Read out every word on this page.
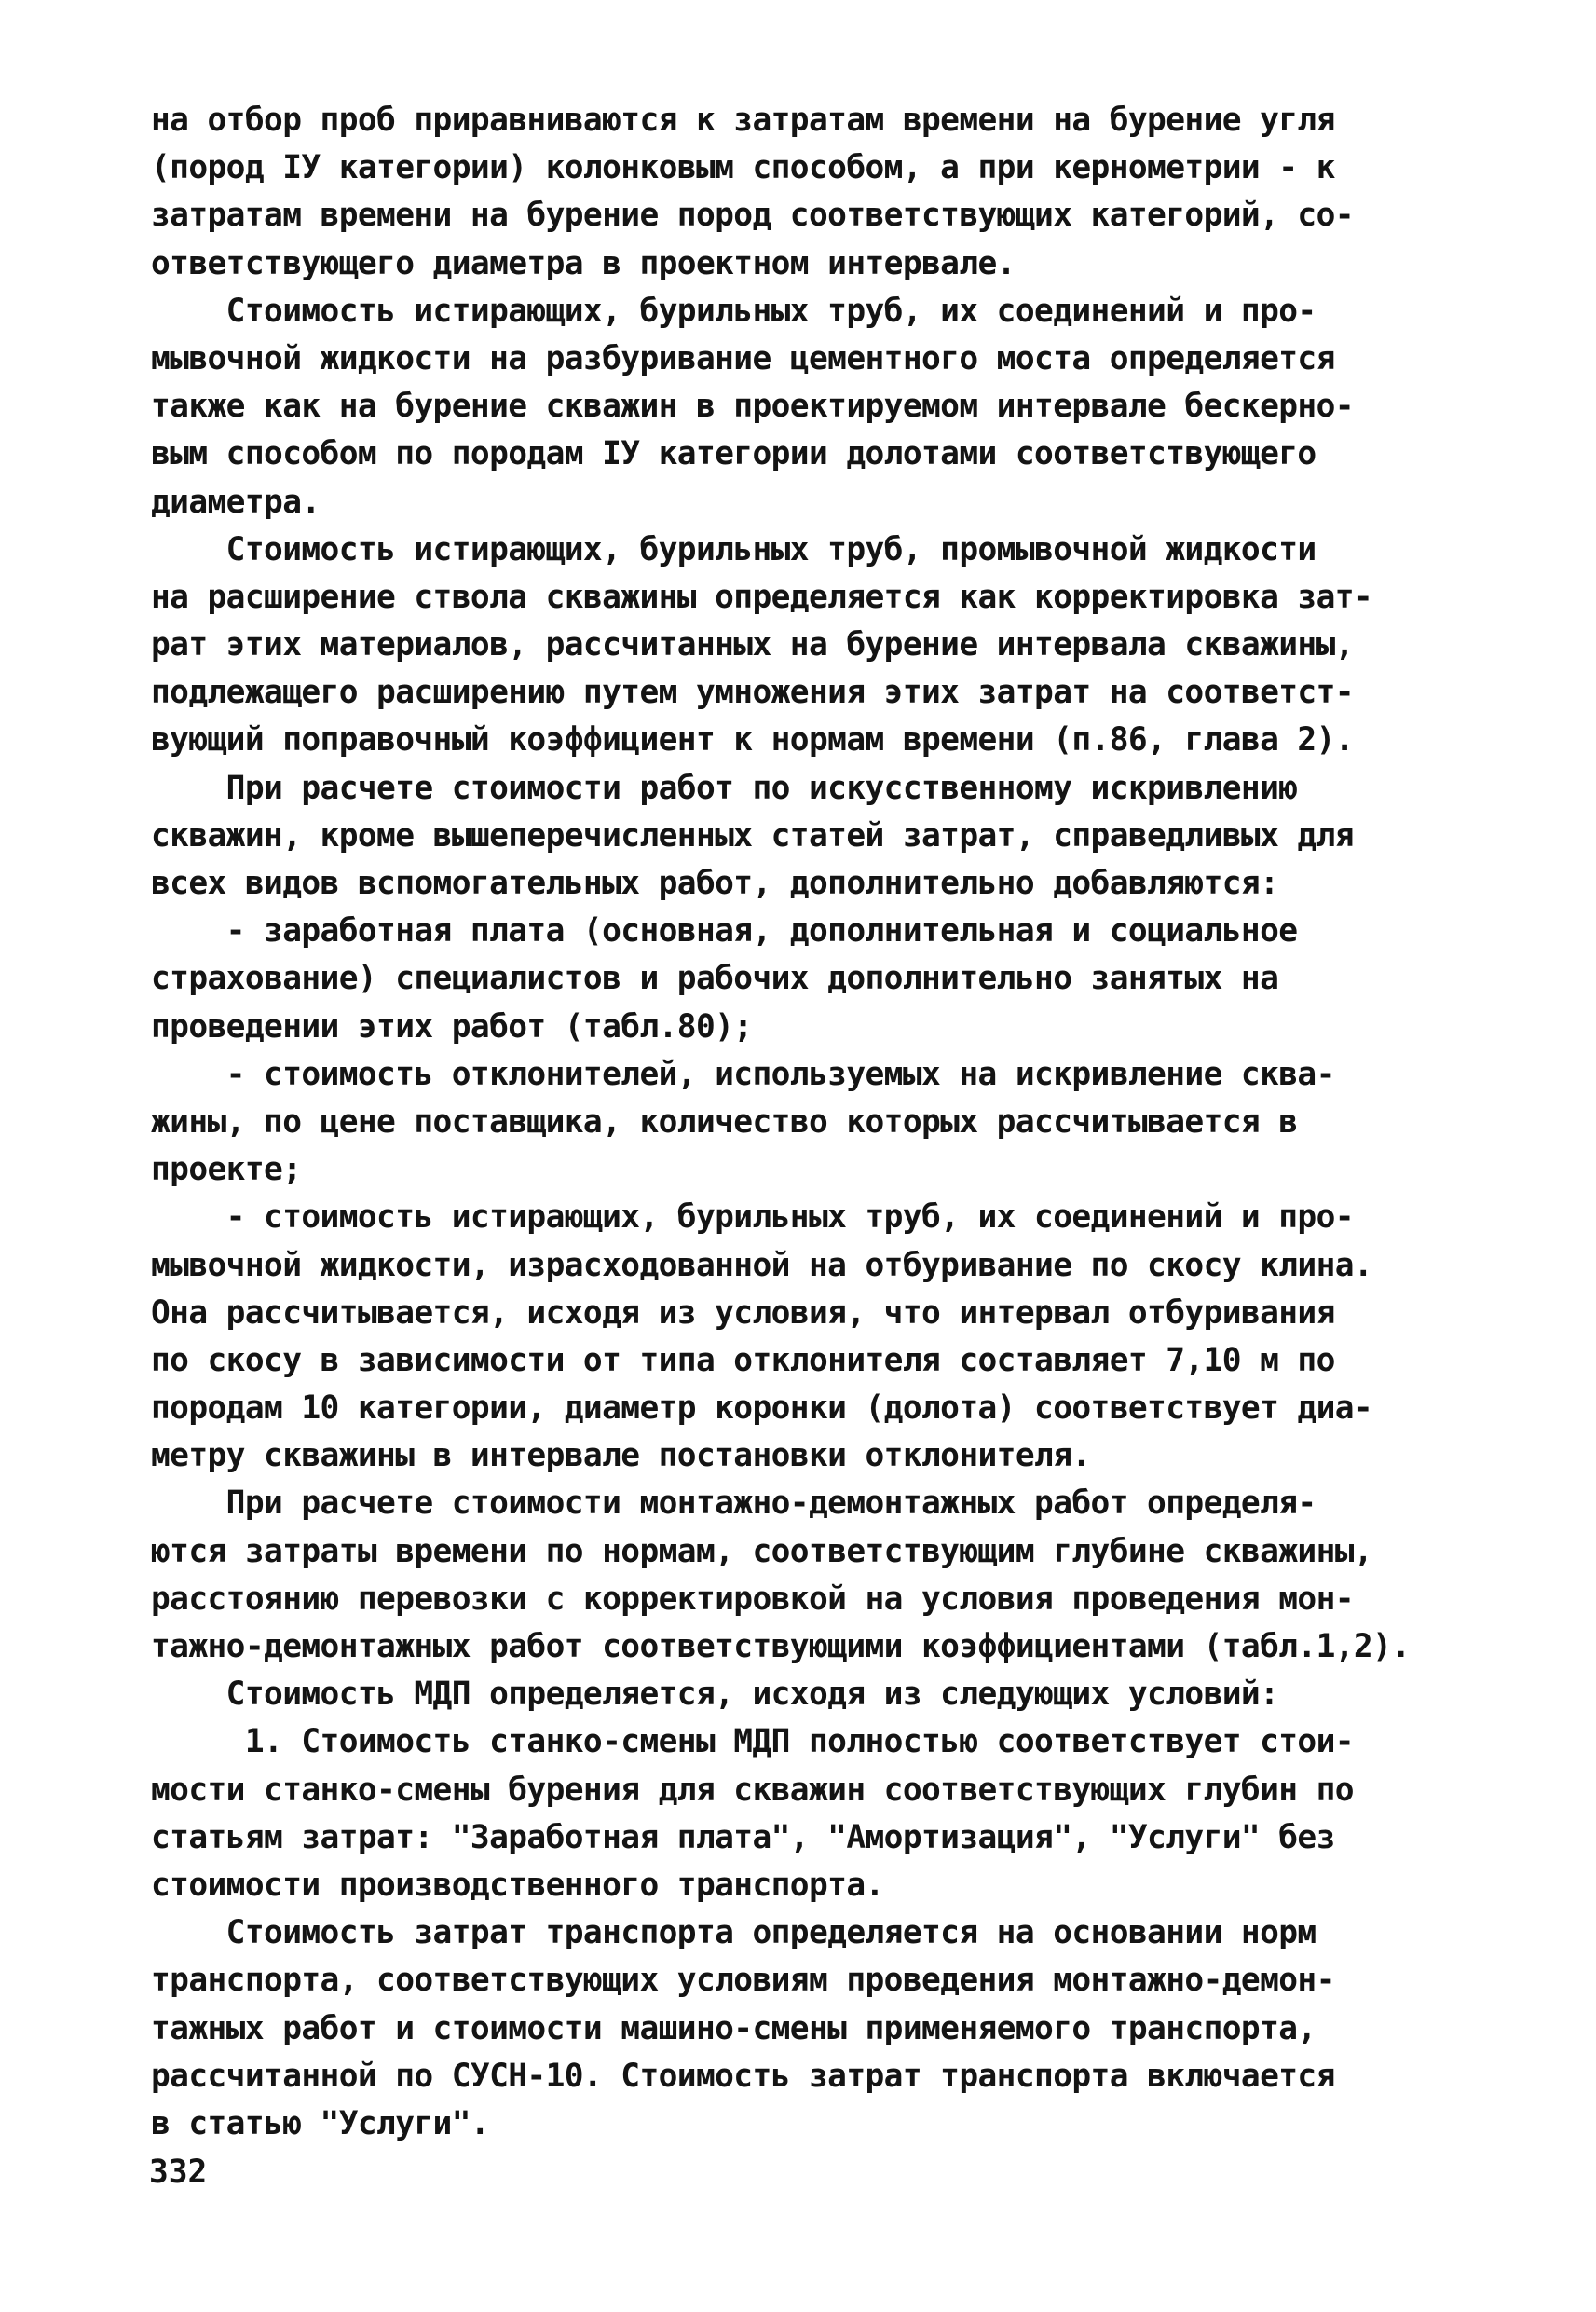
на отбор проб приравниваются к затратам времени на бурение угля
(пород IУ категории) колонковым способом, а при кернометрии - к
затратам времени на бурение пород соответствующих категорий, со-
ответствующего диаметра в проектном интервале.
Стоимость истирающих, бурильных труб, их соединений и про-
мывочной жидкости на разбуривание цементного моста определяется
также как на бурение скважин в проектируемом интервале бескерно-
вым способом по породам IУ категории долотами соответствующего
диаметра.
Стоимость истирающих, бурильных труб, промывочной жидкости
на расширение ствола скважины определяется как корректировка зат-
рат этих материалов, рассчитанных на бурение интервала скважины,
подлежащего расширению путем умножения этих затрат на соответст-
вующий поправочный коэффициент к нормам времени (п.86, глава 2).
При расчете стоимости работ по искусственному искривлению
скважин, кроме вышеперечисленных статей затрат, справедливых для
всех видов вспомогательных работ, дополнительно добавляются:
- заработная плата (основная, дополнительная и социальное
страхование) специалистов и рабочих дополнительно занятых на
проведении этих работ (табл.80);
- стоимость отклонителей, используемых на искривление сква-
жины, по цене поставщика, количество которых рассчитывается в
проекте;
- стоимость истирающих, бурильных труб, их соединений и про-
мывочной жидкости, израсходованной на отбуривание по скосу клина.
Она рассчитывается, исходя из условия, что интервал отбуривания
по скосу в зависимости от типа отклонителя составляет 7,10 м по
породам 10 категории, диаметр коронки (долота) соответствует диа-
метру скважины в интервале постановки отклонителя.
При расчете стоимости монтажно-демонтажных работ определя-
ются затраты времени по нормам, соответствующим глубине скважины,
расстоянию перевозки с корректировкой на условия проведения мон-
тажно-демонтажных работ соответствующими коэффициентами (табл.1,2).
Стоимость МДП определяется, исходя из следующих условий:
1. Стоимость станко-смены МДП полностью соответствует стои-
мости станко-смены бурения для скважин соответствующих глубин по
статьям затрат: "Заработная плата", "Амортизация", "Услуги" без
стоимости производственного транспорта.
Стоимость затрат транспорта определяется на основании норм
транспорта, соответствующих условиям проведения монтажно-демон-
тажных работ и стоимости машино-смены применяемого транспорта,
рассчитанной по СУСН-10. Стоимость затрат транспорта включается
в статью "Услуги".
332
